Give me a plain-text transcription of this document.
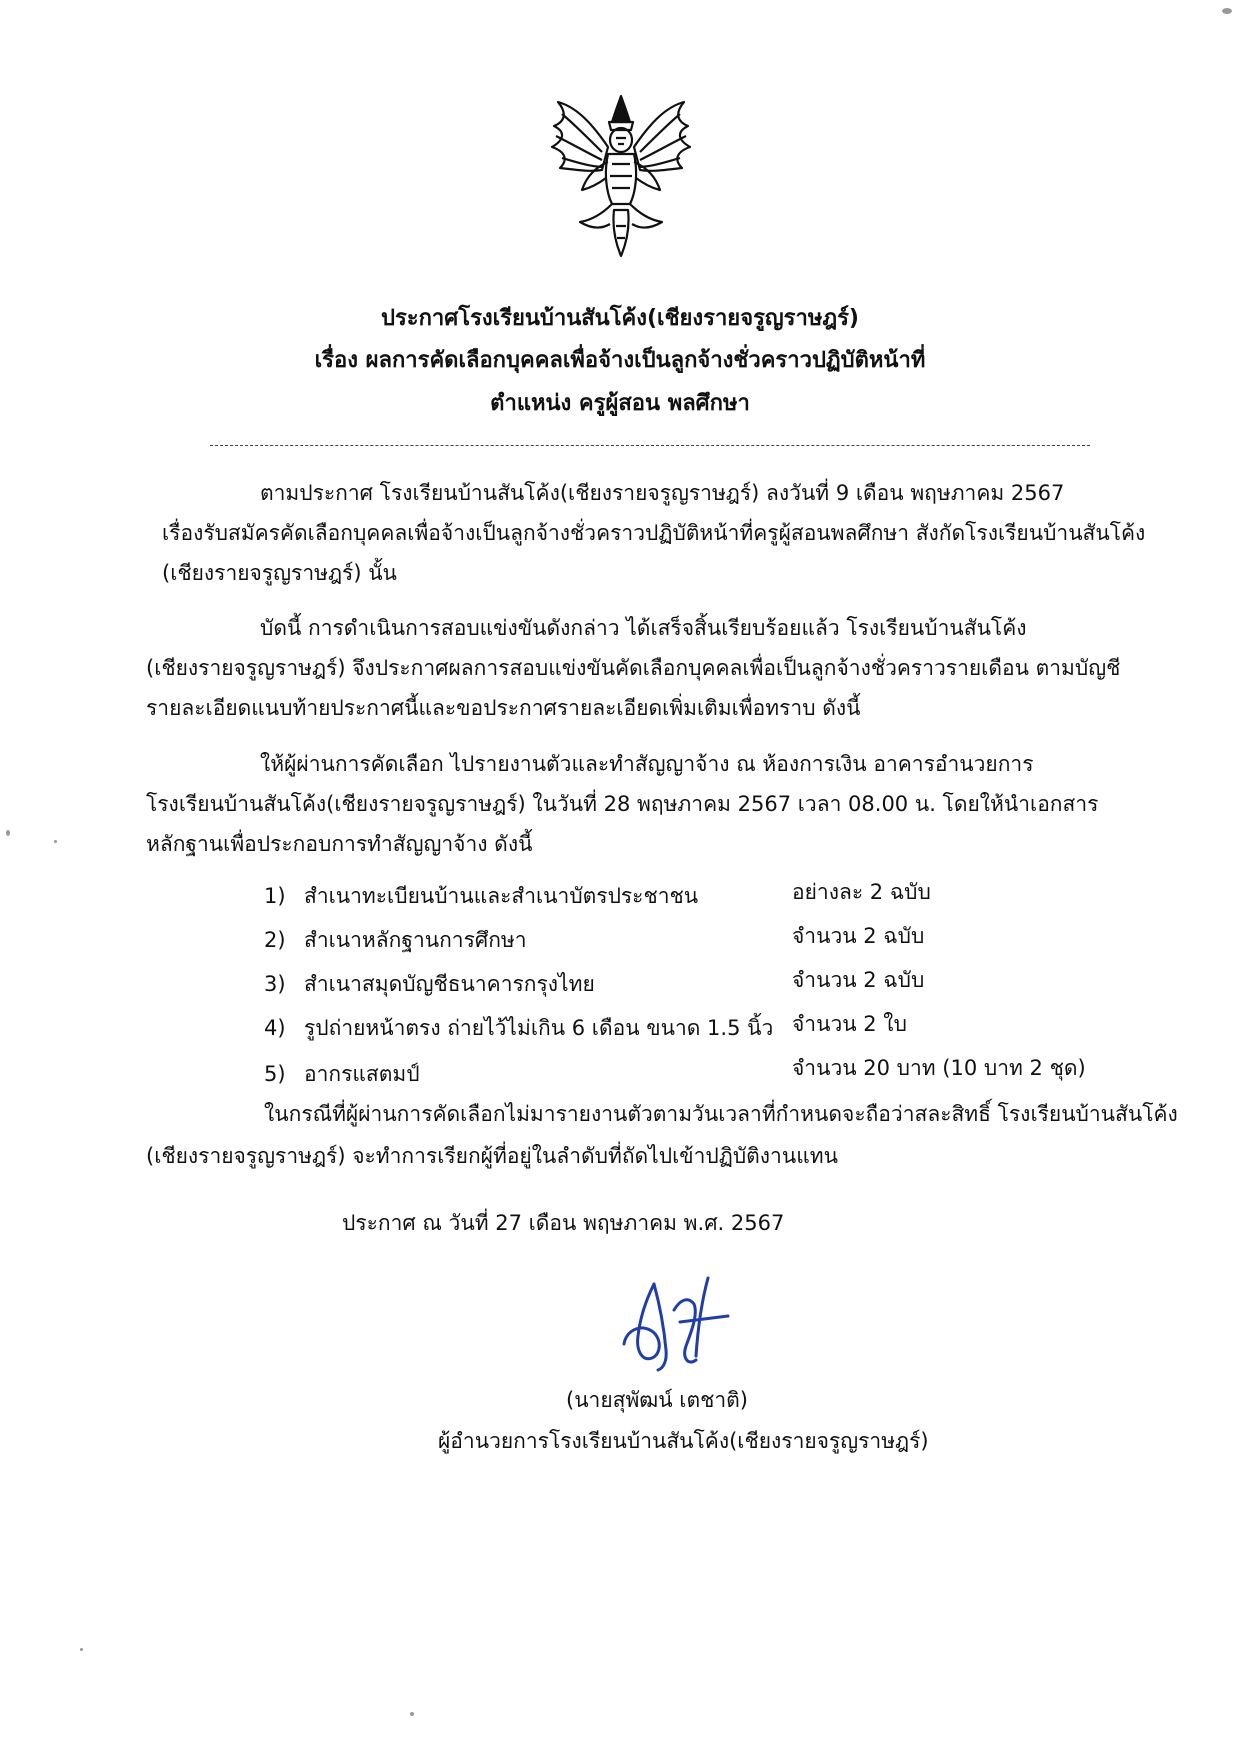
ประกาศโรงเรียนบ้านสันโค้ง(เชียงรายจรูญราษฎร์)
เรื่อง ผลการคัดเลือกบุคคลเพื่อจ้างเป็นลูกจ้างชั่วคราวปฏิบัติหน้าที่
ตำแหน่ง ครูผู้สอน พลศึกษา
ตามประกาศ โรงเรียนบ้านสันโค้ง(เชียงรายจรูญราษฎร์) ลงวันที่ 9 เดือน พฤษภาคม 2567
เรื่องรับสมัครคัดเลือกบุคคลเพื่อจ้างเป็นลูกจ้างชั่วคราวปฏิบัติหน้าที่ครูผู้สอนพลศึกษา สังกัดโรงเรียนบ้านสันโค้ง
(เชียงรายจรูญราษฎร์) นั้น
บัดนี้ การดำเนินการสอบแข่งขันดังกล่าว ได้เสร็จสิ้นเรียบร้อยแล้ว โรงเรียนบ้านสันโค้ง
(เชียงรายจรูญราษฎร์) จึงประกาศผลการสอบแข่งขันคัดเลือกบุคคลเพื่อเป็นลูกจ้างชั่วคราวรายเดือน ตามบัญชี
รายละเอียดแนบท้ายประกาศนี้และขอประกาศรายละเอียดเพิ่มเติมเพื่อทราบ ดังนี้
ให้ผู้ผ่านการคัดเลือก ไปรายงานตัวและทำสัญญาจ้าง ณ ห้องการเงิน อาคารอำนวยการ
โรงเรียนบ้านสันโค้ง(เชียงรายจรูญราษฎร์) ในวันที่ 28 พฤษภาคม 2567 เวลา 08.00 น. โดยให้นำเอกสาร
หลักฐานเพื่อประกอบการทำสัญญาจ้าง ดังนี้
1) สำเนาทะเบียนบ้านและสำเนาบัตรประชาชน	อย่างละ 2 ฉบับ
2) สำเนาหลักฐานการศึกษา	จำนวน 2 ฉบับ
3) สำเนาสมุดบัญชีธนาคารกรุงไทย	จำนวน 2 ฉบับ
4) รูปถ่ายหน้าตรง ถ่ายไว้ไม่เกิน 6 เดือน ขนาด 1.5 นิ้ว จำนวน 2 ใบ
5) อากรแสตมป์	จำนวน 20 บาท (10 บาท 2 ชุด)
ในกรณีที่ผู้ผ่านการคัดเลือกไม่มารายงานตัวตามวันเวลาที่กำหนดจะถือว่าสละสิทธิ์ โรงเรียนบ้านสันโค้ง
(เชียงรายจรูญราษฎร์) จะทำการเรียกผู้ที่อยู่ในลำดับที่ถัดไปเข้าปฏิบัติงานแทน
ประกาศ ณ วันที่ 27 เดือน พฤษภาคม พ.ศ. 2567
(นายสุพัฒน์ เตชาติ)
ผู้อำนวยการโรงเรียนบ้านสันโค้ง(เชียงรายจรูญราษฎร์)
